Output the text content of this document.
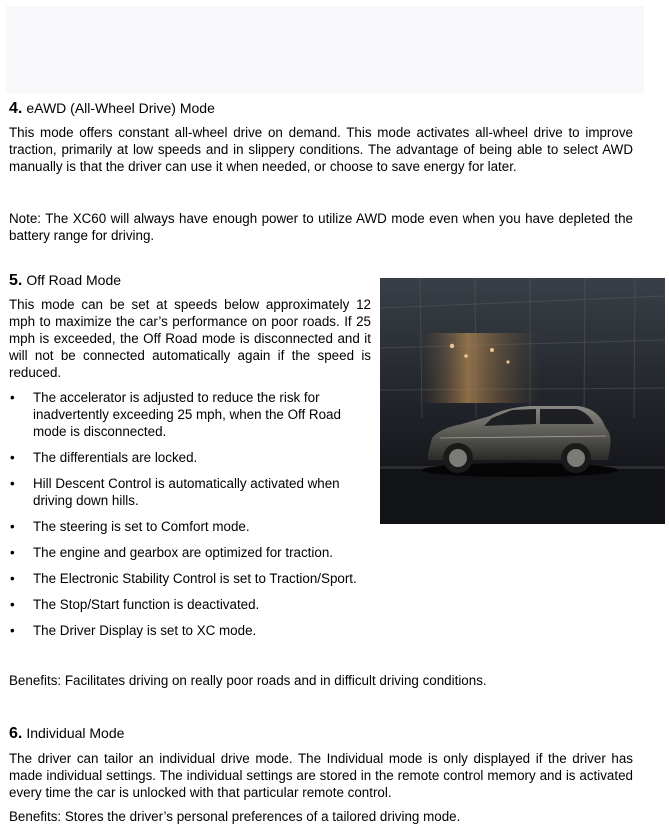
4. eAWD (All-Wheel Drive) Mode

This mode offers constant all-wheel drive on demand. This mode activates all-wheel drive to improve traction, primarily at low speeds and in slippery conditions. The advantage of being able to select AWD manually is that the driver can use it when needed, or choose to save energy for later.

Note: The XC60 will always have enough power to utilize AWD mode even when you have depleted the battery range for driving.

5. Off Road Mode

This mode can be set at speeds below approximately 12 mph to maximize the car’s performance on poor roads. If 25 mph is exceeded, the Off Road mode is disconnected and it will not be connected automatically again if the speed is reduced.

• The accelerator is adjusted to reduce the risk for inadvertently exceeding 25 mph, when the Off Road mode is disconnected.
• The differentials are locked.
• Hill Descent Control is automatically activated when driving down hills.
• The steering is set to Comfort mode.
• The engine and gearbox are optimized for traction.
• The Electronic Stability Control is set to Traction/Sport.
• The Stop/Start function is deactivated.
• The Driver Display is set to XC mode.

Benefits: Facilitates driving on really poor roads and in difficult driving conditions.

6. Individual Mode

The driver can tailor an individual drive mode. The Individual mode is only displayed if the driver has made individual settings. The individual settings are stored in the remote control memory and is activated every time the car is unlocked with that particular remote control.

Benefits: Stores the driver’s personal preferences of a tailored driving mode.
